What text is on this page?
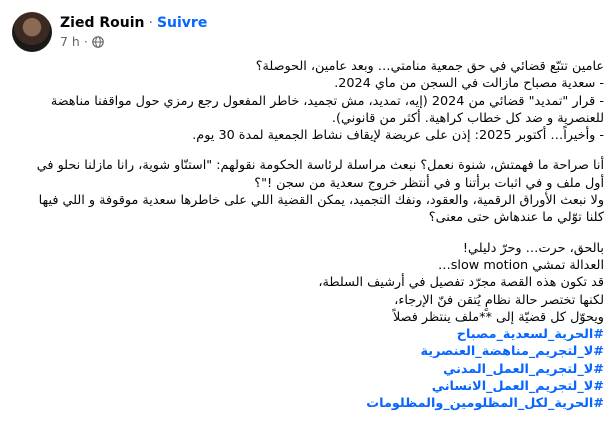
Zied Rouin · Suivre
7 h ·
عامين تتبّع قضائي في حق جمعية منامتي… وبعد عامين، الحوصلة؟
- سعدية مصباح مازالت في السجن من ماي 2024.
- قرار "تمديد" قضائي من 2024 (إيه، تمديد، مش تجميد، خاطر المفعول رجع رمزي حول مواقفنا مناهضة
للعنصرية و ضد كل خطاب كراهية. أكثر من قانوني).
- وأخيراً… أكتوبر 2025: إذن على عريضة لإيقاف نشاط الجمعية لمدة 30 يوم.
أنا صراحة ما فهمتش، شنوة نعمل؟ نبعث مراسلة لرئاسة الحكومة نقولهم: "استنّاو شوية، رانا مازلنا نحلو في
أول ملف و في اثبات برأتنا و في أنتظر خروج سعدية من سجن !"؟
ولا نبعث الأوراق الرقمية، والعقود، ونفك التجميد، يمكن القضية اللي على خاطرها سعدية موقوفة و اللي فيها
كلنا توّلي ما عندهاش حتى معنى؟
بالحق، حرت… وحرّ دليلي!
العدالة تمشي slow motion…
قد تكون هذه القصة مجرّد تفصيل في أرشيف السلطة،
لكنها تختصر حالة نظامٍ يُتقن فنّ الإرجاء،
ويحوّل كل قضيّة إلى **ملف ينتظر فصلاً
#الحرية_لسعدية_مصباح
#لا_لتجريم_مناهضة_العنصرية
#لا_لتجريم_العمل_المدني
#لا_لتجريم_العمل_الانساني
#الحرية_لكل_المظلومين_والمظلومات
